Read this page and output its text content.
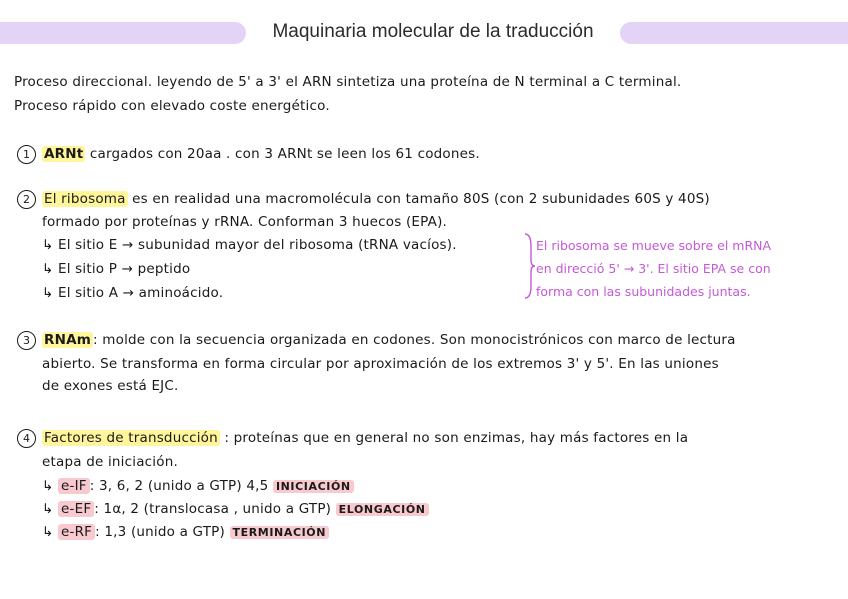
Maquinaria molecular de la traducción
Proceso direccional. leyendo de 5' a 3' el ARN sintetiza una proteína de N terminal a C terminal.
Proceso rápido con elevado coste energético.
1	ARNt cargados con 20aa . con 3 ARNt se leen los 61 codones.
2	El ribosoma es en realidad una macromolécula con tamaño 80S (con 2 subunidades 60S y 40S)
formado por proteínas y rRNA. Conforman 3 huecos (EPA).
↳ El sitio E → subunidad mayor del ribosoma (tRNA vacíos).
↳ El sitio P → peptido
↳ El sitio A → aminoácido.
El ribosoma se mueve sobre el mRNA
en direcció 5' → 3'. El sitio EPA se con
forma con las subunidades juntas.
3	RNAm : molde con la secuencia organizada en codones. Son monocistrónicos con marco de lectura
abierto. Se transforma en forma circular por aproximación de los extremos 3' y 5'. En las uniones
de exones está EJC.
4	Factores de transducción : proteínas que en general no son enzimas, hay más factores en la
etapa de iniciación.
↳ e-IF : 3, 6, 2 (unido a GTP) 4,5 INICIACIÓN
↳ e-EF : 1α, 2 (translocasa , unido a GTP) ELONGACIÓN
↳ e-RF : 1,3 (unido a GTP) TERMINACIÓN
